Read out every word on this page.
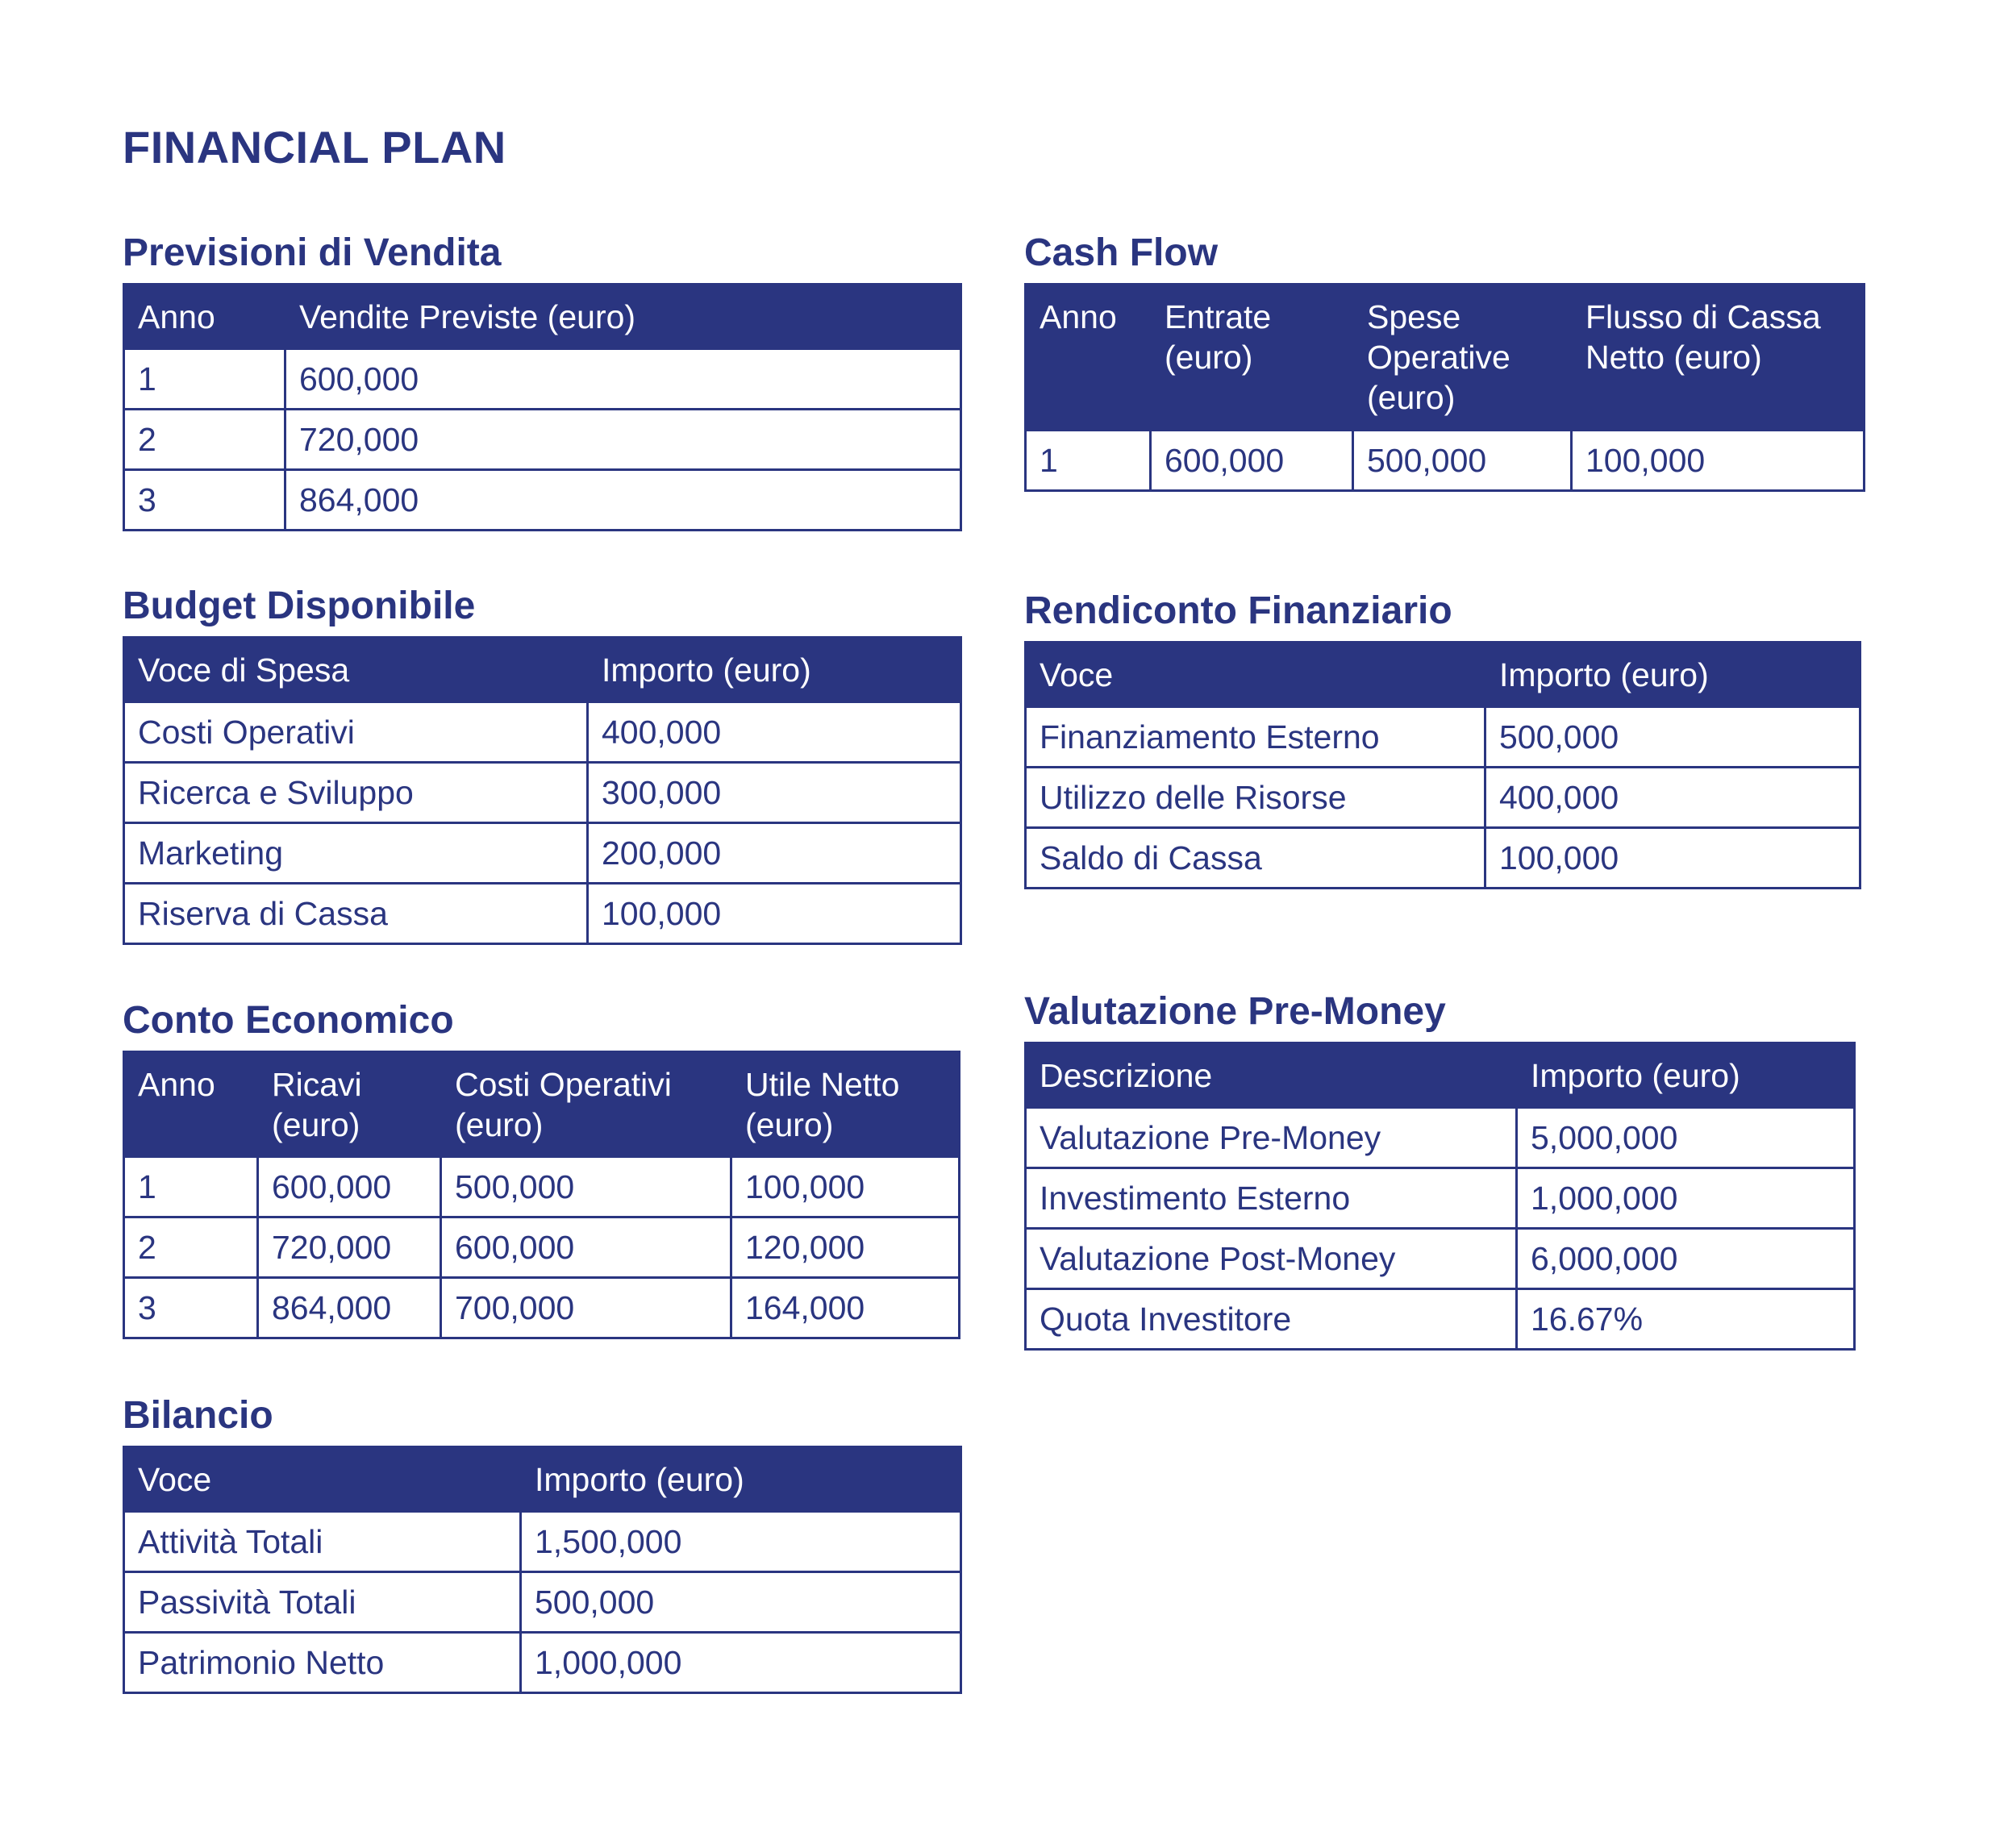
FINANCIAL PLAN
Previsioni di Vendita
Anno	Vendite Previste (euro)
1	600,000
2	720,000
3	864,000
Budget Disponibile
Voce di Spesa	Importo (euro)
Costi Operativi	400,000
Ricerca e Sviluppo	300,000
Marketing	200,000
Riserva di Cassa	100,000
Conto Economico
Anno	Ricavi (euro)	Costi Operativi (euro)	Utile Netto (euro)
1	600,000	500,000	100,000
2	720,000	600,000	120,000
3	864,000	700,000	164,000
Bilancio
Voce	Importo (euro)
Attività Totali	1,500,000
Passività Totali	500,000
Patrimonio Netto	1,000,000
Cash Flow
Anno	Entrate (euro)	Spese Operative (euro)	Flusso di Cassa Netto (euro)
1	600,000	500,000	100,000
Rendiconto Finanziario
Voce	Importo (euro)
Finanziamento Esterno	500,000
Utilizzo delle Risorse	400,000
Saldo di Cassa	100,000
Valutazione Pre-Money
Descrizione	Importo (euro)
Valutazione Pre-Money	5,000,000
Investimento Esterno	1,000,000
Valutazione Post-Money	6,000,000
Quota Investitore	16.67%
